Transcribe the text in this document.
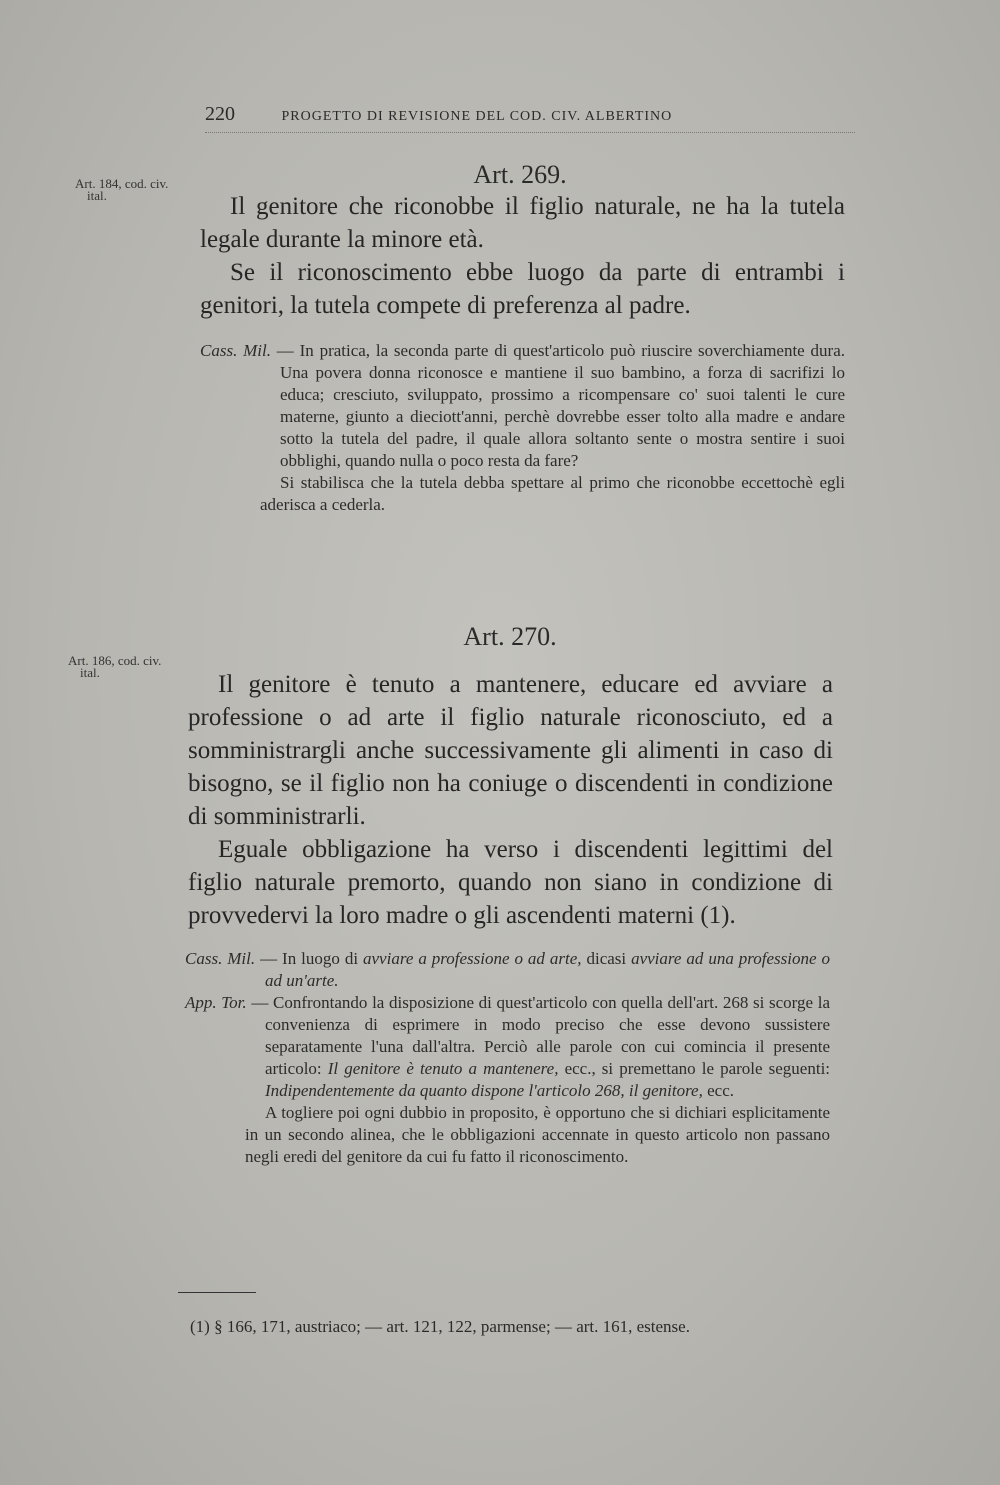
220	PROGETTO DI REVISIONE DEL COD. CIV. ALBERTINO
Art. 184, cod. civ.
ital.
Art. 269.

Il genitore che riconobbe il figlio naturale, ne ha la tutela legale durante la minore età.

Se il riconoscimento ebbe luogo da parte di entrambi i genitori, la tutela compete di preferenza al padre.

Cass. Mil. — In pratica, la seconda parte di quest'articolo può riuscire soverchiamente dura. Una povera donna riconosce e mantiene il suo bambino, a forza di sacrifizi lo educa; cresciuto, sviluppato, prossimo a ricompensare co' suoi talenti le cure materne, giunto a dieciott'anni, perchè dovrebbe esser tolto alla madre e andare sotto la tutela del padre, il quale allora soltanto sente o mostra sentire i suoi obblighi, quando nulla o poco resta da fare?

Si stabilisca che la tutela debba spettare al primo che riconobbe eccettochè egli aderisca a cederla.

Art. 186, cod. civ.
ital.
Art. 270.

Il genitore è tenuto a mantenere, educare ed avviare a professione o ad arte il figlio naturale riconosciuto, ed a somministrargli anche successivamente gli alimenti in caso di bisogno, se il figlio non ha coniuge o discendenti in condizione di somministrarli.

Eguale obbligazione ha verso i discendenti legittimi del figlio naturale premorto, quando non siano in condizione di provvedervi la loro madre o gli ascendenti materni (1).

Cass. Mil. — In luogo di avviare a professione o ad arte, dicasi avviare ad una professione o ad un'arte.

App. Tor. — Confrontando la disposizione di quest'articolo con quella dell'art. 268 si scorge la convenienza di esprimere in modo preciso che esse devono sussistere separatamente l'una dall'altra. Perciò alle parole con cui comincia il presente articolo: Il genitore è tenuto a mantenere, ecc., si premettano le parole seguenti: Indipendentemente da quanto dispone l'articolo 268, il genitore, ecc.

A togliere poi ogni dubbio in proposito, è opportuno che si dichiari esplicitamente in un secondo alinea, che le obbligazioni accennate in questo articolo non passano negli eredi del genitore da cui fu fatto il riconoscimento.

(1) § 166, 171, austriaco; — art. 121, 122, parmense; — art. 161, estense.
